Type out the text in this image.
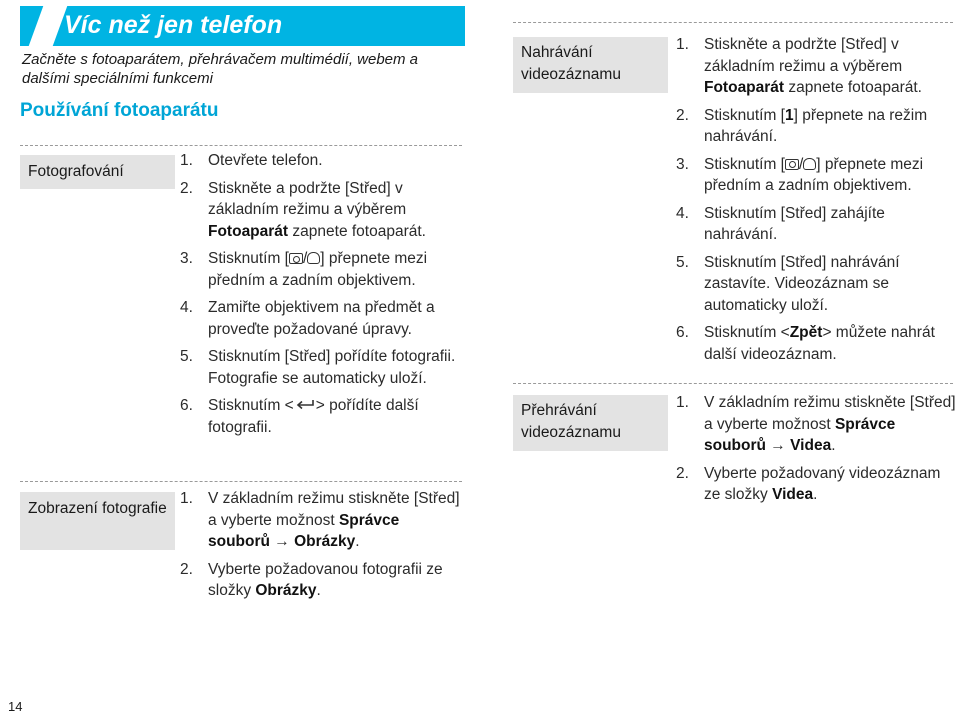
Víc než jen telefon
Začněte s fotoaparátem, přehrávačem multimédií, webem a dalšími speciálními funkcemi
Používání fotoaparátu
Fotografování
1. Otevřete telefon.
2. Stiskněte a podržte [Střed] v základním režimu a výběrem Fotoaparát zapnete fotoaparát.
3. Stisknutím [ / ] přepnete mezi předním a zadním objektivem.
4. Zamiřte objektivem na předmět a proveďte požadované úpravy.
5. Stisknutím [Střed] pořídíte fotografii. Fotografie se automaticky uloží.
6. Stisknutím < > pořídíte další fotografii.
Zobrazení fotografie
1. V základním režimu stiskněte [Střed] a vyberte možnost Správce souborů → Obrázky.
2. Vyberte požadovanou fotografii ze složky Obrázky.
Nahrávání videozáznamu
1. Stiskněte a podržte [Střed] v základním režimu a výběrem Fotoaparát zapnete fotoaparát.
2. Stisknutím [1] přepnete na režim nahrávání.
3. Stisknutím [ / ] přepnete mezi předním a zadním objektivem.
4. Stisknutím [Střed] zahájíte nahrávání.
5. Stisknutím [Střed] nahrávání zastavíte. Videozáznam se automaticky uloží.
6. Stisknutím <Zpět> můžete nahrát další videozáznam.
Přehrávání videozáznamu
1. V základním režimu stiskněte [Střed] a vyberte možnost Správce souborů → Videa.
2. Vyberte požadovaný videozáznam ze složky Videa.
14
